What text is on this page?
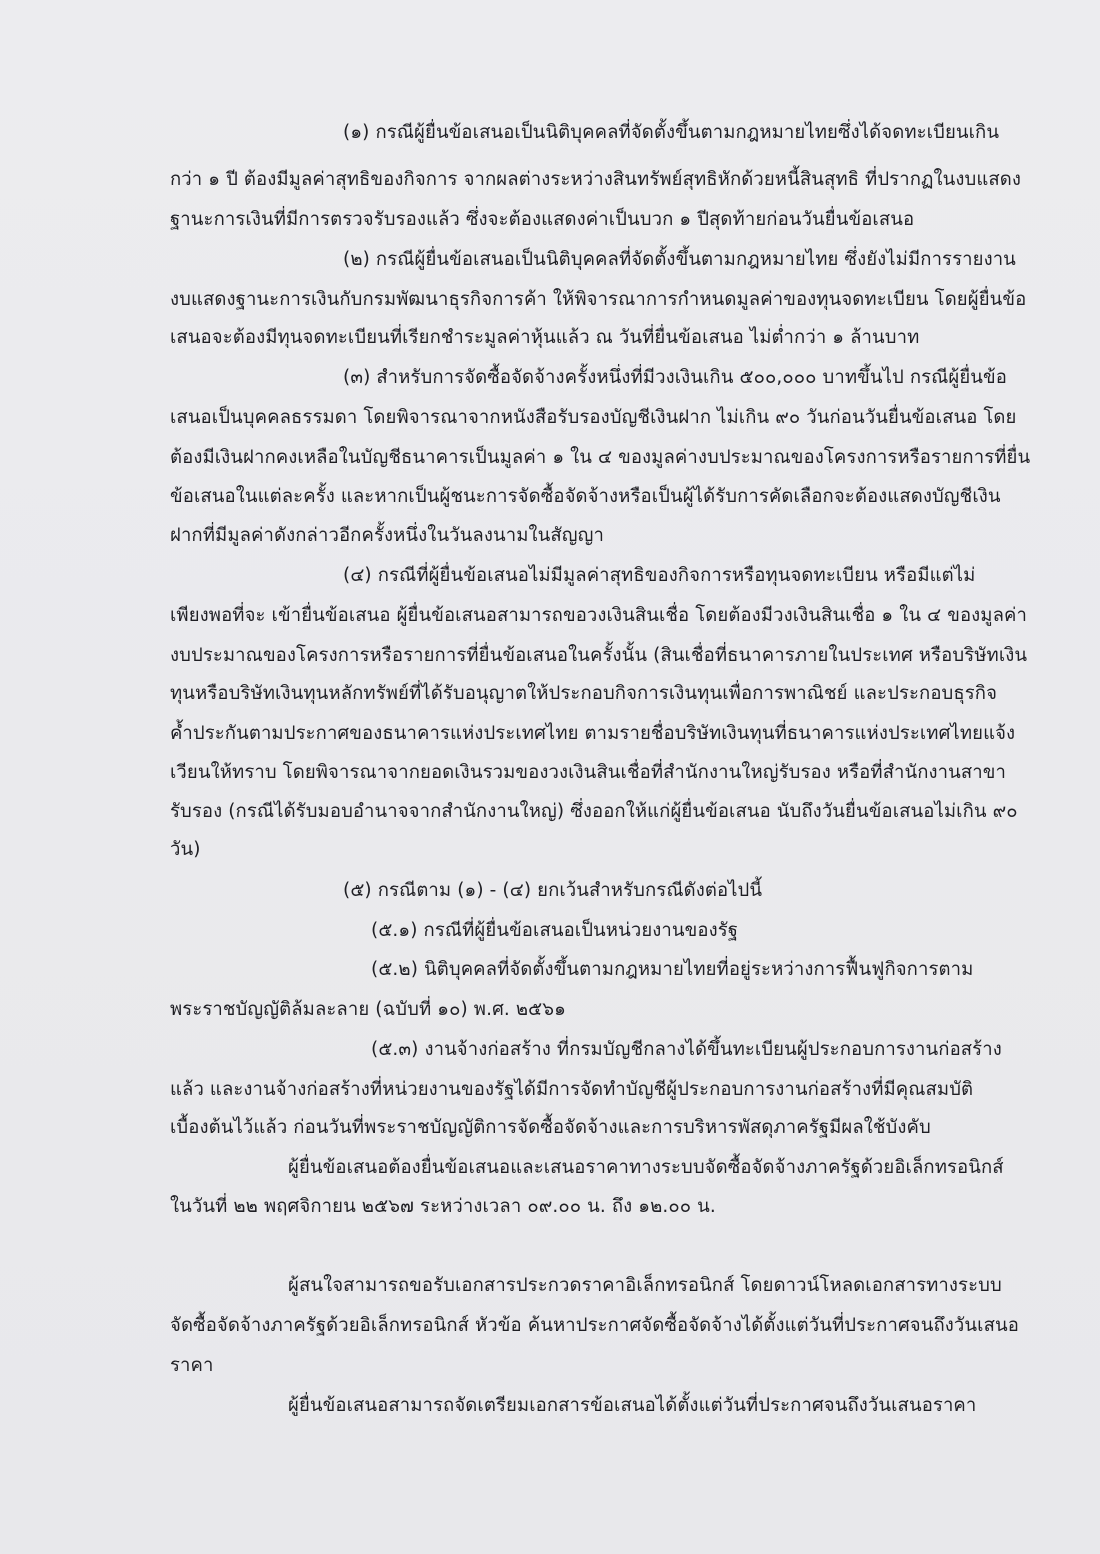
(๑) กรณีผู้ยื่นข้อเสนอเป็นนิติบุคคลที่จัดตั้งขึ้นตามกฎหมายไทยซึ่งได้จดทะเบียนเกิน
กว่า ๑ ปี ต้องมีมูลค่าสุทธิของกิจการ จากผลต่างระหว่างสินทรัพย์สุทธิหักด้วยหนี้สินสุทธิ ที่ปรากฏในงบแสดง
ฐานะการเงินที่มีการตรวจรับรองแล้ว ซึ่งจะต้องแสดงค่าเป็นบวก ๑ ปีสุดท้ายก่อนวันยื่นข้อเสนอ
(๒) กรณีผู้ยื่นข้อเสนอเป็นนิติบุคคลที่จัดตั้งขึ้นตามกฎหมายไทย ซึ่งยังไม่มีการรายงาน
งบแสดงฐานะการเงินกับกรมพัฒนาธุรกิจการค้า ให้พิจารณาการกำหนดมูลค่าของทุนจดทะเบียน โดยผู้ยื่นข้อ
เสนอจะต้องมีทุนจดทะเบียนที่เรียกชำระมูลค่าหุ้นแล้ว ณ วันที่ยื่นข้อเสนอ ไม่ต่ำกว่า ๑ ล้านบาท
(๓) สำหรับการจัดซื้อจัดจ้างครั้งหนึ่งที่มีวงเงินเกิน ๕๐๐,๐๐๐ บาทขึ้นไป กรณีผู้ยื่นข้อ
เสนอเป็นบุคคลธรรมดา โดยพิจารณาจากหนังสือรับรองบัญชีเงินฝาก ไม่เกิน ๙๐ วันก่อนวันยื่นข้อเสนอ โดย
ต้องมีเงินฝากคงเหลือในบัญชีธนาคารเป็นมูลค่า ๑ ใน ๔ ของมูลค่างบประมาณของโครงการหรือรายการที่ยื่น
ข้อเสนอในแต่ละครั้ง และหากเป็นผู้ชนะการจัดซื้อจัดจ้างหรือเป็นผู้ได้รับการคัดเลือกจะต้องแสดงบัญชีเงิน
ฝากที่มีมูลค่าดังกล่าวอีกครั้งหนึ่งในวันลงนามในสัญญา
(๔) กรณีที่ผู้ยื่นข้อเสนอไม่มีมูลค่าสุทธิของกิจการหรือทุนจดทะเบียน หรือมีแต่ไม่
เพียงพอที่จะ เข้ายื่นข้อเสนอ ผู้ยื่นข้อเสนอสามารถขอวงเงินสินเชื่อ โดยต้องมีวงเงินสินเชื่อ ๑ ใน ๔ ของมูลค่า
งบประมาณของโครงการหรือรายการที่ยื่นข้อเสนอในครั้งนั้น (สินเชื่อที่ธนาคารภายในประเทศ หรือบริษัทเงิน
ทุนหรือบริษัทเงินทุนหลักทรัพย์ที่ได้รับอนุญาตให้ประกอบกิจการเงินทุนเพื่อการพาณิชย์ และประกอบธุรกิจ
ค้ำประกันตามประกาศของธนาคารแห่งประเทศไทย ตามรายชื่อบริษัทเงินทุนที่ธนาคารแห่งประเทศไทยแจ้ง
เวียนให้ทราบ โดยพิจารณาจากยอดเงินรวมของวงเงินสินเชื่อที่สำนักงานใหญ่รับรอง หรือที่สำนักงานสาขา
รับรอง (กรณีได้รับมอบอำนาจจากสำนักงานใหญ่) ซึ่งออกให้แก่ผู้ยื่นข้อเสนอ นับถึงวันยื่นข้อเสนอไม่เกิน ๙๐
วัน)
(๕) กรณีตาม (๑) - (๔) ยกเว้นสำหรับกรณีดังต่อไปนี้
(๕.๑) กรณีที่ผู้ยื่นข้อเสนอเป็นหน่วยงานของรัฐ
(๕.๒) นิติบุคคลที่จัดตั้งขึ้นตามกฎหมายไทยที่อยู่ระหว่างการฟื้นฟูกิจการตาม
พระราชบัญญัติล้มละลาย (ฉบับที่ ๑๐) พ.ศ. ๒๕๖๑
(๕.๓) งานจ้างก่อสร้าง ที่กรมบัญชีกลางได้ขึ้นทะเบียนผู้ประกอบการงานก่อสร้าง
แล้ว และงานจ้างก่อสร้างที่หน่วยงานของรัฐได้มีการจัดทำบัญชีผู้ประกอบการงานก่อสร้างที่มีคุณสมบัติ
เบื้องต้นไว้แล้ว ก่อนวันที่พระราชบัญญัติการจัดซื้อจัดจ้างและการบริหารพัสดุภาครัฐมีผลใช้บังคับ
ผู้ยื่นข้อเสนอต้องยื่นข้อเสนอและเสนอราคาทางระบบจัดซื้อจัดจ้างภาครัฐด้วยอิเล็กทรอนิกส์
ในวันที่ ๒๒ พฤศจิกายน ๒๕๖๗ ระหว่างเวลา ๐๙.๐๐ น. ถึง ๑๒.๐๐ น.
ผู้สนใจสามารถขอรับเอกสารประกวดราคาอิเล็กทรอนิกส์ โดยดาวน์โหลดเอกสารทางระบบ
จัดซื้อจัดจ้างภาครัฐด้วยอิเล็กทรอนิกส์ หัวข้อ ค้นหาประกาศจัดซื้อจัดจ้างได้ตั้งแต่วันที่ประกาศจนถึงวันเสนอ
ราคา
ผู้ยื่นข้อเสนอสามารถจัดเตรียมเอกสารข้อเสนอได้ตั้งแต่วันที่ประกาศจนถึงวันเสนอราคา
